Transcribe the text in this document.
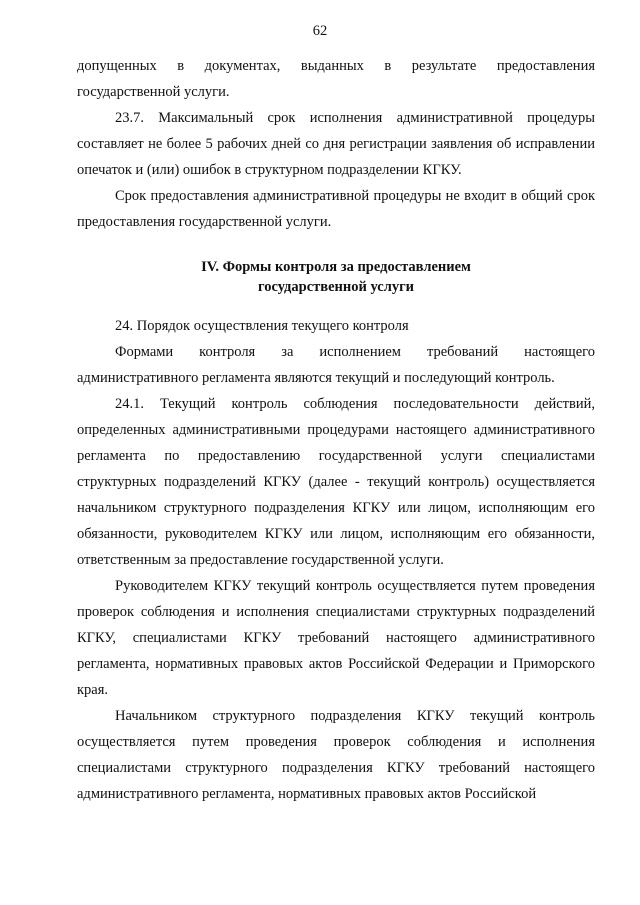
62

допущенных в документах, выданных в результате предоставления государственной услуги.

23.7. Максимальный срок исполнения административной процедуры составляет не более 5 рабочих дней со дня регистрации заявления об исправлении опечаток и (или) ошибок в структурном подразделении КГКУ.

Срок предоставления административной процедуры не входит в общий срок предоставления государственной услуги.

IV. Формы контроля за предоставлением
государственной услуги

24. Порядок осуществления текущего контроля

Формами контроля за исполнением требований настоящего административного регламента являются текущий и последующий контроль.

24.1. Текущий контроль соблюдения последовательности действий, определенных административными процедурами настоящего административного регламента по предоставлению государственной услуги специалистами структурных подразделений КГКУ (далее - текущий контроль) осуществляется начальником структурного подразделения КГКУ или лицом, исполняющим его обязанности, руководителем КГКУ или лицом, исполняющим его обязанности, ответственным за предоставление государственной услуги.

Руководителем КГКУ текущий контроль осуществляется путем проведения проверок соблюдения и исполнения специалистами структурных подразделений КГКУ, специалистами КГКУ требований настоящего административного регламента, нормативных правовых актов Российской Федерации и Приморского края.

Начальником структурного подразделения КГКУ текущий контроль осуществляется путем проведения проверок соблюдения и исполнения специалистами структурного подразделения КГКУ требований настоящего административного регламента, нормативных правовых актов Российской
